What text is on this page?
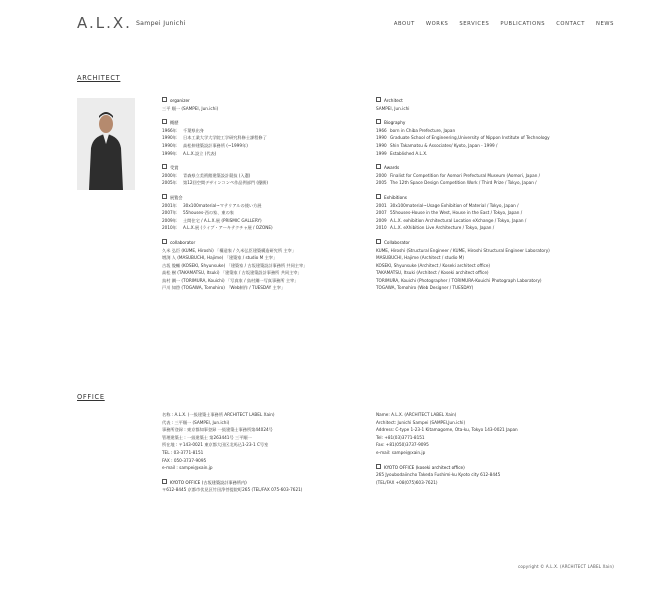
A.L.X. $^{Sampei Junichi}$	ABOUT WORKS SERVICES PUBLICATIONS CONTACT NEWS
ARCHITECT
organizer
三平 順一 (SAMPEI, Jun.ichi)
概歴
1966年 千葉県出身
1990年 日本工業大学大学院工学研究科修士課程修了
1990年 高松伸建築設計事務所 (~1999年)
1999年 A.L.X.設立 (代表)
受賞
2000年 青森県立美術館建築設計競技 (入選)
2005年 第12回空間デザインコンペ作品例部門 (優勝)
展覧会
2001年 30x100material~マテリアルの使い方展
2007年 55houses-西の家、東の家
2009年 土間住宅 / A.L.X.展 (PRISMIC GALLERY)
2010年 A.L.X.展 (ライブ・アーキテクチャ展 / OZONE)
collaborator
久米 弘臣 (KUME, Hiroshi) 「構造家 / 久米弘臣建築構造研究所 主宰」
増渕 人 (MASUBUCHI, Hajime) 「建築家 / studio M 主宰」
古坂 俊輔 (KOSEKI, Shyunsuke) 「建築家 / 古坂建築設計事務所 共同主宰」
高松 樹 (TAKAMATSU, Itsuki) 「建築家 / 古坂建築設計事務所 共同主宰」
鳥村 鋼一 (TORIMURA, Kouichi) 「写真家 / 鳥村鋼一写真事務所 主宰」
戸川 知啓 (TOGAWA, Tomohiro) 「Web制作 / TUESDAY 主宰」
Architect
SAMPEI, Jun.ichi
Biography
1966 born in Chiba Prefecture, Japan
1990 Graduate School of Engineering,University of Nippon Institute of Technology
1990 Shin Takamatsu & Associates/ Kyoto, Japan - 1999 /
1999 Established A.L.X.
Awards
2000 Finalist for Competition for Aomori Prefectural Museum (Aomori, Japan /
2005 The 12th Space Design Competition Work / Third Prize / Tokyo, Japan /
Exhibitions
2001 30x100material~Usage Exhibition of Material / Tokyo, Japan /
2007 55houses-House in the West, House in the East / Tokyo, Japan /
2009 A.L.X. exhibition Architectural Location eXchange / Tokyo, Japan /
2010 A.L.X. eXhibition Live Architecture / Tokyo, Japan /
Collaborator
KUME, Hiroshi (Structural Engineer / KUME, Hiroshi Structural Engineer Laboratory)
MASUBUCHI, Hajime (Architect / studio M)
KOSEKI, Shyunsuke (Architect / Koseki architect office)
TAKAMATSU, Itsuki (Architect / Koseki architect office)
TORIMURA, Kouichi (Photographer / TORIMURA-Kouichi Photograph Laboratory)
TOGAWA, Tomohiro (Web Designer / TUESDAY)
OFFICE
名称 : A.L.X. (一級建築士事務所 ARCHITECT LABEL Xain)
代表 : 三平順一 (SAMPEI, Jun.ichi)
事務所登録 : 東京都知事登録 一級建築士事務所第44024号
管理建築士 : 一級建築士 第263441号 三平順一
所在地 : 〒143-0021 東京都大田区北馬込1-23-1 C号室
TEL : 03-3771-8151
FAX : 050-3737-9095
e-mail : sampei@xain.jp
KYOTO OFFICE (古坂建築設計事務所内)
〒612-8445 京都市伏見区竹田浄菩提院町265 (TEL/FAX 075-603-7621)
Name: A.L.X. (ARCHITECT LABEL Xain)
Architect: Junichi Sampei (SAMPEI,Jun.ichi)
Address: C-type 1-23-1 Kitamagome, Ota-ku, Tokyo 143-0021 Japan
Tel: +81(03)3771-8151
Fax: +81(050)3737-9095
e-mail: sampei@xain.jp
KYOTO OFFICE (koseki architect office)
265 Jyoubodaiincho Takeda Fushimi-ku Kyoto city 612-8445
(TEL/FAX +08(075)603-7621)
copyright © A.L.X. (ARCHITECT LABEL Xain)
